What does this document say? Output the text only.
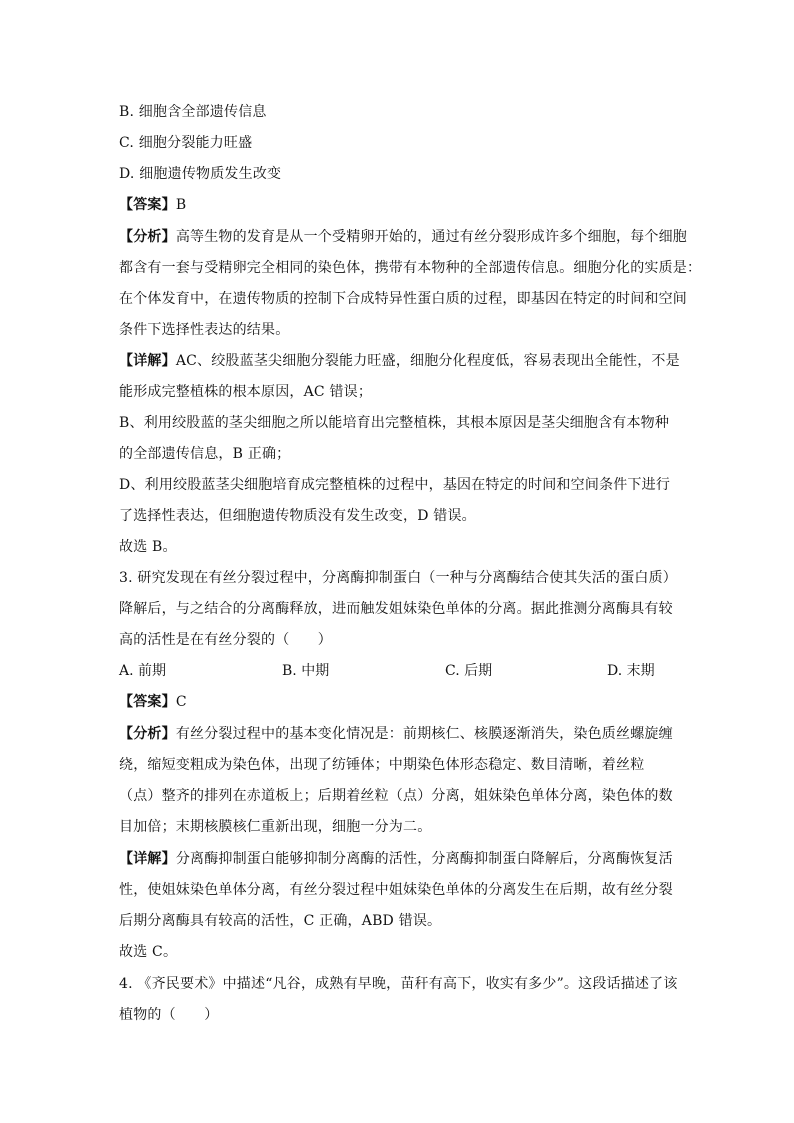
B. 细胞含全部遗传信息
C. 细胞分裂能力旺盛
D. 细胞遗传物质发生改变
【答案】B
【分析】高等生物的发育是从一个受精卵开始的，通过有丝分裂形成许多个细胞，每个细胞
都含有一套与受精卵完全相同的染色体，携带有本物种的全部遗传信息。细胞分化的实质是：
在个体发育中，在遗传物质的控制下合成特异性蛋白质的过程，即基因在特定的时间和空间
条件下选择性表达的结果。
【详解】AC、绞股蓝茎尖细胞分裂能力旺盛，细胞分化程度低，容易表现出全能性，不是
能形成完整植株的根本原因，AC 错误；
B、利用绞股蓝的茎尖细胞之所以能培育出完整植株，其根本原因是茎尖细胞含有本物种
的全部遗传信息，B 正确；
D、利用绞股蓝茎尖细胞培育成完整植株的过程中，基因在特定的时间和空间条件下进行
了选择性表达，但细胞遗传物质没有发生改变，D 错误。
故选 B。
3. 研究发现在有丝分裂过程中，分离酶抑制蛋白（一种与分离酶结合使其失活的蛋白质）
降解后，与之结合的分离酶释放，进而触发姐妹染色单体的分离。据此推测分离酶具有较
高的活性是在有丝分裂的（　　）
A. 前期	B. 中期	C. 后期	D. 末期
【答案】C
【分析】有丝分裂过程中的基本变化情况是：前期核仁、核膜逐渐消失，染色质丝螺旋缠
绕，缩短变粗成为染色体，出现了纺锤体；中期染色体形态稳定、数目清晰，着丝粒
（点）整齐的排列在赤道板上；后期着丝粒（点）分离，姐妹染色单体分离，染色体的数
目加倍；末期核膜核仁重新出现，细胞一分为二。
【详解】分离酶抑制蛋白能够抑制分离酶的活性，分离酶抑制蛋白降解后，分离酶恢复活
性，使姐妹染色单体分离，有丝分裂过程中姐妹染色单体的分离发生在后期，故有丝分裂
后期分离酶具有较高的活性，C 正确，ABD 错误。
故选 C。
4. 《齐民要术》中描述“凡谷，成熟有早晚，苗秆有高下，收实有多少”。这段话描述了该
植物的（　　）
